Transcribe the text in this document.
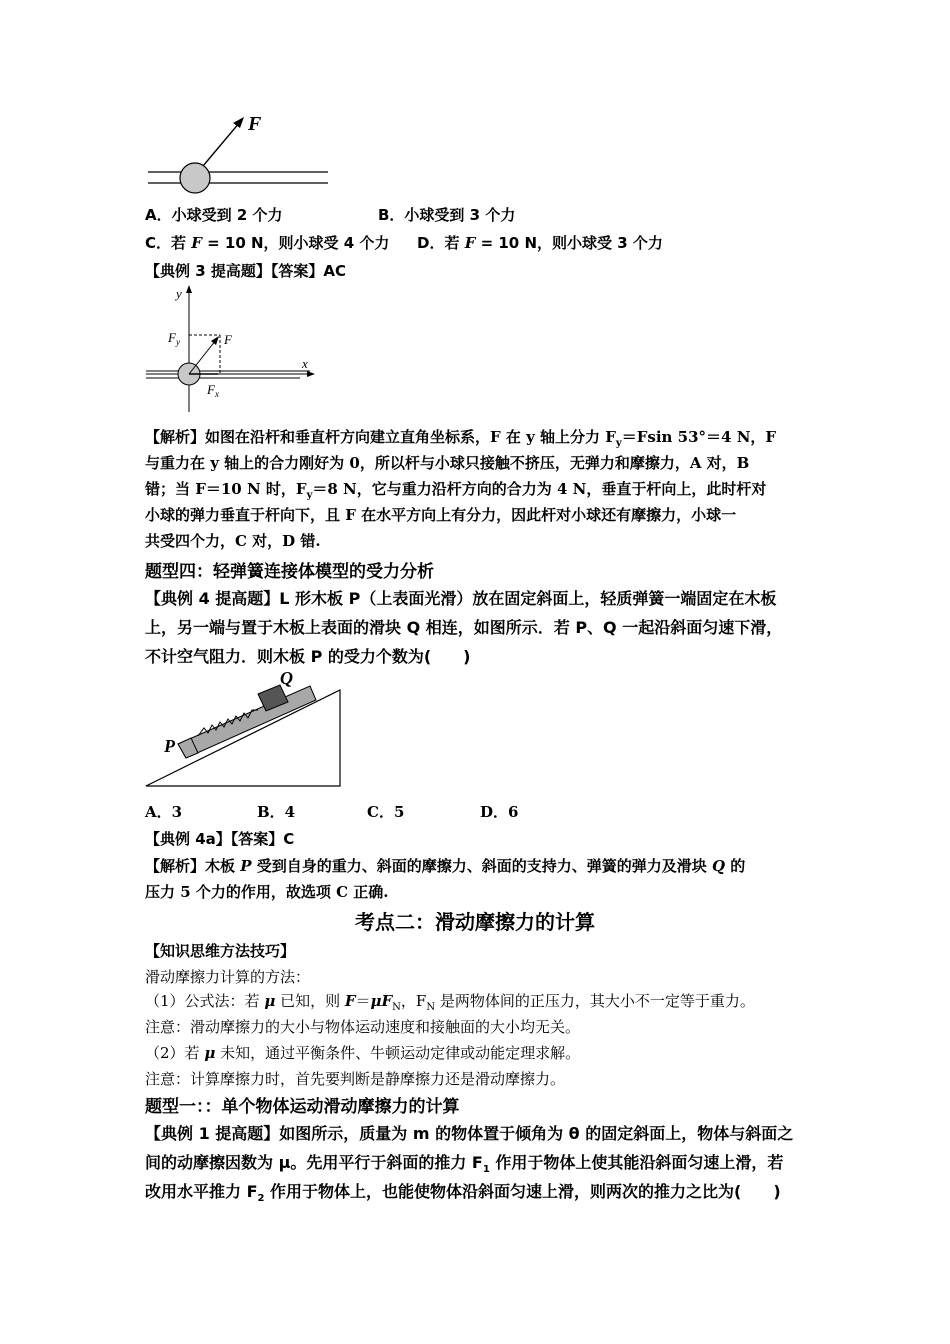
F
A．小球受到 2 个力	B．小球受到 3 个力
C．若 F = 10 N，则小球受 4 个力 D．若 F = 10 N，则小球受 3 个力
【典例 3 提高题】【答案】AC
y
x
F
$F_y$
$F_x$
【解析】如图在沿杆和垂直杆方向建立直角坐标系，F 在 y 轴上分力 $F_y=Fsin$ 53°＝4 N，F
与重力在 y 轴上的合力刚好为 0，所以杆与小球只接触不挤压，无弹力和摩擦力，A 对，B
错；当 F＝10 N 时，$F_y=8$ N，它与重力沿杆方向的合力为 4 N，垂直于杆向上，此时杆对
小球的弹力垂直于杆向下，且 F 在水平方向上有分力，因此杆对小球还有摩擦力，小球一
共受四个力，C 对，D 错.
题型四：轻弹簧连接体模型的受力分析
【典例 4 提高题】L 形木板 P（上表面光滑）放在固定斜面上，轻质弹簧一端固定在木板
上，另一端与置于木板上表面的滑块 Q 相连，如图所示．若 P、Q 一起沿斜面匀速下滑，
不计空气阻力．则木板 P 的受力个数为(　　)
Q
P
A．3	B．4	C．5	D．6
【典例 4a】【答案】C
【解析】木板 P 受到自身的重力、斜面的摩擦力、斜面的支持力、弹簧的弹力及滑块 Q 的
压力 5 个力的作用，故选项 C 正确.
考点二：滑动摩擦力的计算
【知识思维方法技巧】
滑动摩擦力计算的方法：
（1）公式法：若 μ 已知，则 $F=\mu F_N$，$F_N$ 是两物体间的正压力，其大小不一定等于重力。
注意：滑动摩擦力的大小与物体运动速度和接触面的大小均无关。
（2）若 μ 未知，通过平衡条件、牛顿运动定律或动能定理求解。
注意：计算摩擦力时，首先要判断是静摩擦力还是滑动摩擦力。
题型一：：单个物体运动滑动摩擦力的计算
【典例 1 提高题】如图所示，质量为 m 的物体置于倾角为 θ 的固定斜面上，物体与斜面之
间的动摩擦因数为 μ。先用平行于斜面的推力 $F_1$ 作用于物体上使其能沿斜面匀速上滑，若
改用水平推力 $F_2$ 作用于物体上，也能使物体沿斜面匀速上滑，则两次的推力之比为(　　)
